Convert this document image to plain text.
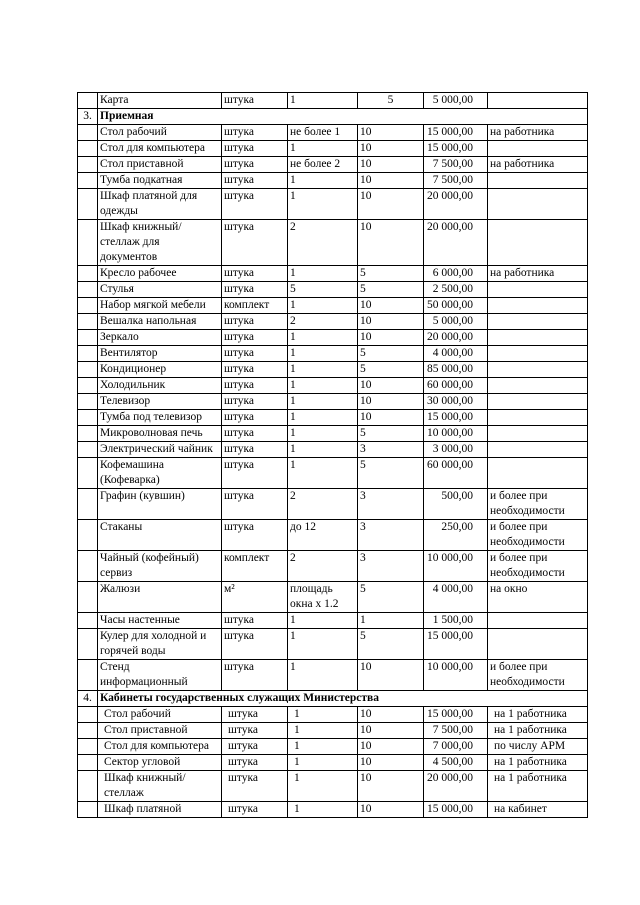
	Карта	штука	1	5	5 000,00	
3.	Приемная					
	Стол рабочий	штука	не более 1	10	15 000,00	на работника
	Стол для компьютера	штука	1	10	15 000,00	
	Стол приставной	штука	не более 2	10	7 500,00	на работника
	Тумба подкатная	штука	1	10	7 500,00	
	Шкаф платяной для одежды	штука	1	10	20 000,00	
	Шкаф книжный/ стеллаж для документов	штука	2	10	20 000,00	
	Кресло рабочее	штука	1	5	6 000,00	на работника
	Стулья	штука	5	5	2 500,00	
	Набор мягкой мебели	комплект	1	10	50 000,00	
	Вешалка напольная	штука	2	10	5 000,00	
	Зеркало	штука	1	10	20 000,00	
	Вентилятор	штука	1	5	4 000,00	
	Кондиционер	штука	1	5	85 000,00	
	Холодильник	штука	1	10	60 000,00	
	Телевизор	штука	1	10	30 000,00	
	Тумба под телевизор	штука	1	10	15 000,00	
	Микроволновая печь	штука	1	5	10 000,00	
	Электрический чайник	штука	1	3	3 000,00	
	Кофемашина (Кофеварка)	штука	1	5	60 000,00	
	Графин (кувшин)	штука	2	3	500,00	и более при необходимости
	Стаканы	штука	до 12	3	250,00	и более при необходимости
	Чайный (кофейный) сервиз	комплект	2	3	10 000,00	и более при необходимости
	Жалюзи	м²	площадь окна х 1.2	5	4 000,00	на окно
	Часы настенные	штука	1	1	1 500,00	
	Кулер для холодной и горячей воды	штука	1	5	15 000,00	
	Стенд информационный	штука	1	10	10 000,00	и более при необходимости
4.	Кабинеты государственных служащих Министерства					
	Стол рабочий	штука	1	10	15 000,00	на 1 работника
	Стол приставной	штука	1	10	7 500,00	на 1 работника
	Стол для компьютера	штука	1	10	7 000,00	по числу АРМ
	Сектор угловой	штука	1	10	4 500,00	на 1 работника
	Шкаф книжный/стеллаж	штука	1	10	20 000,00	на 1 работника
	Шкаф платяной	штука	1	10	15 000,00	на кабинет
